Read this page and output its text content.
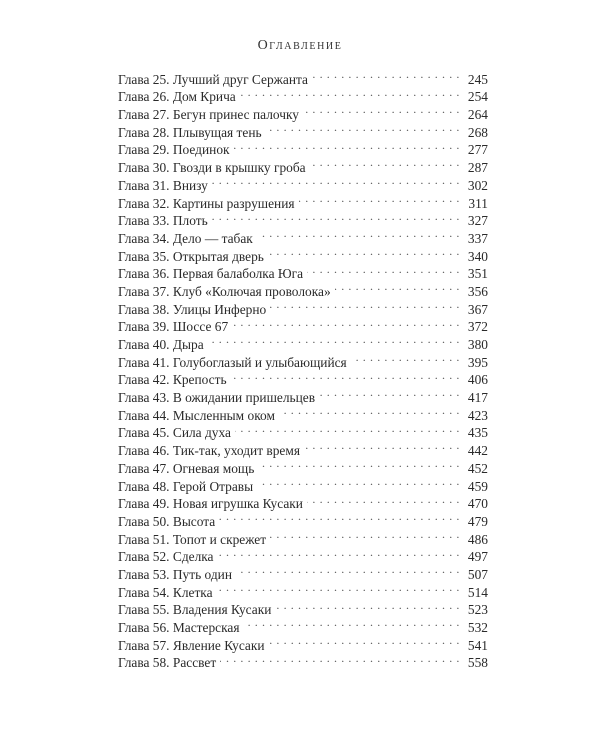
Оглавление
Глава 25. Лучший друг Сержанта . . .	245
Глава 26. Дом Крича . . .	254
Глава 27. Бегун принес палочку . . .	264
Глава 28. Плывущая тень . . .	268
Глава 29. Поединок . . .	277
Глава 30. Гвозди в крышку гроба . . .	287
Глава 31. Внизу . . .	302
Глава 32. Картины разрушения . . .	311
Глава 33. Плоть . . .	327
Глава 34. Дело — табак . . .	337
Глава 35. Открытая дверь . . .	340
Глава 36. Первая балаболка Юга . . .	351
Глава 37. Клуб «Колючая проволока» . . .	356
Глава 38. Улицы Инферно . . .	367
Глава 39. Шоссе 67 . . .	372
Глава 40. Дыра . . .	380
Глава 41. Голубоглазый и улыбающийся . . .	395
Глава 42. Крепость . . .	406
Глава 43. В ожидании пришельцев . . .	417
Глава 44. Мысленным оком . . .	423
Глава 45. Сила духа . . .	435
Глава 46. Тик-так, уходит время . . .	442
Глава 47. Огневая мощь . . .	452
Глава 48. Герой Отравы . . .	459
Глава 49. Новая игрушка Кусаки . . .	470
Глава 50. Высота . . .	479
Глава 51. Топот и скрежет . . .	486
Глава 52. Сделка . . .	497
Глава 53. Путь один . . .	507
Глава 54. Клетка . . .	514
Глава 55. Владения Кусаки . . .	523
Глава 56. Мастерская . . .	532
Глава 57. Явление Кусаки . . .	541
Глава 58. Рассвет . . .	558
